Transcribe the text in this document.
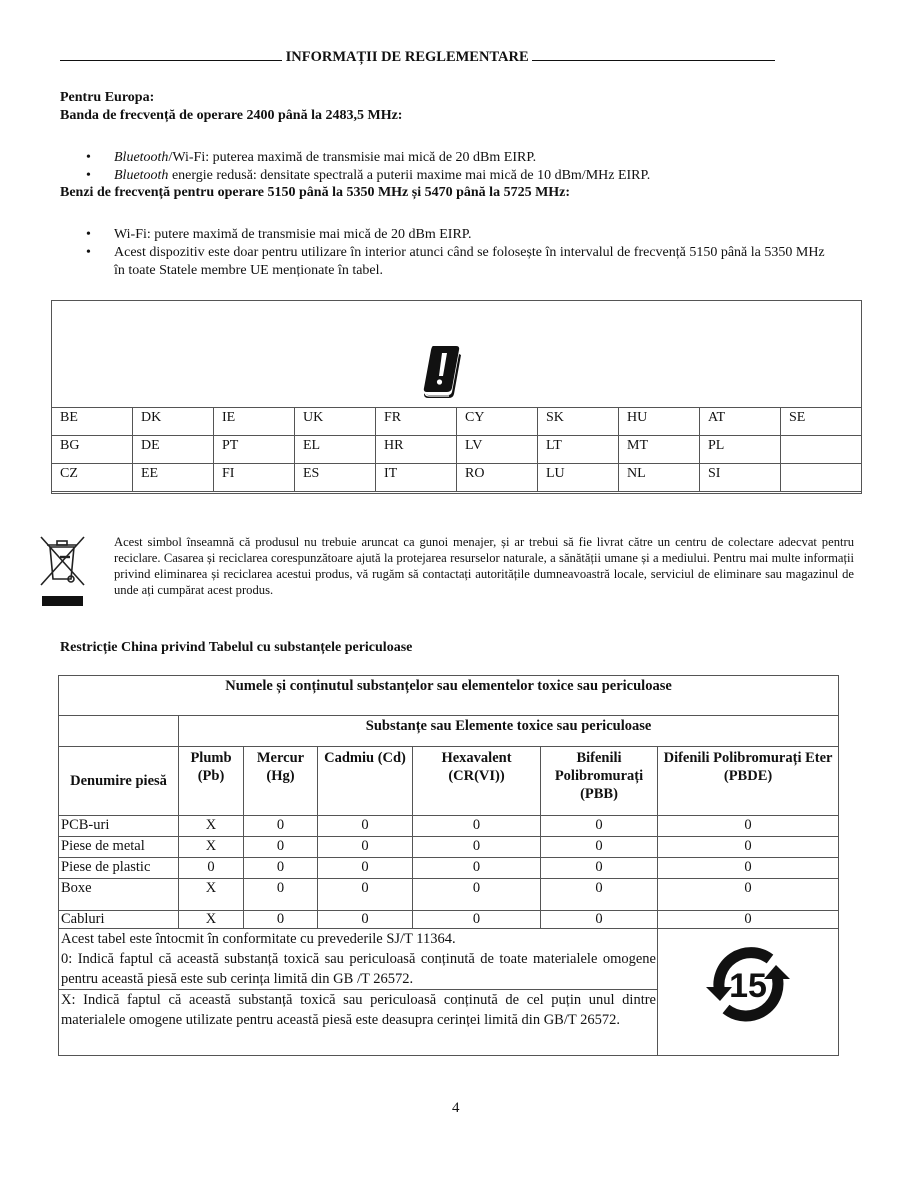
INFORMAȚII DE REGLEMENTARE
Pentru Europa:
Banda de frecvență de operare 2400 până la 2483,5 MHz:
• Bluetooth/Wi-Fi: puterea maximă de transmisie mai mică de 20 dBm EIRP.
• Bluetooth energie redusă: densitate spectrală a puterii maxime mai mică de 10 dBm/MHz EIRP.
Benzi de frecvență pentru operare 5150 până la 5350 MHz și 5470 până la 5725 MHz:
• Wi-Fi: putere maximă de transmisie mai mică de 20 dBm EIRP.
• Acest dispozitiv este doar pentru utilizare în interior atunci când se folosește în intervalul de frecvență 5150 până la 5350 MHz în toate Statele membre UE menționate în tabel.
BE	DK	IE	UK	FR	CY	SK	HU	AT	SE
BG	DE	PT	EL	HR	LV	LT	MT	PL	
CZ	EE	FI	ES	IT	RO	LU	NL	SI	
Acest simbol înseamnă că produsul nu trebuie aruncat ca gunoi menajer, și ar trebui să fie livrat către un centru de colectare adecvat pentru reciclare. Casarea și reciclarea corespunzătoare ajută la protejarea resurselor naturale, a sănătății umane și a mediului. Pentru mai multe informații privind eliminarea și reciclarea acestui produs, vă rugăm să contactați autoritățile dumneavoastră locale, serviciul de eliminare sau magazinul de unde ați cumpărat acest produs.
Restricție China privind Tabelul cu substanțele periculoase
Numele și conținutul substanțelor sau elementelor toxice sau periculoase						
	Substanțe sau Elemente toxice sau periculoase					
Denumire piesă	Plumb (Pb)	Mercur (Hg)	Cadmiu (Cd)	Hexavalent (CR(VI))	Bifenili Polibromurați (PBB)	Difenili Polibromurați Eter (PBDE)
PCB-uri	X	0	0	0	0	0
Piese de metal	X	0	0	0	0	0
Piese de plastic	0	0	0	0	0	0
Boxe	X	0	0	0	0	0
Cabluri	X	0	0	0	0	0

Acest tabel este întocmit în conformitate cu prevederile SJ/T 11364.
0: Indică faptul că această substanță toxică sau periculoasă conținută de toate materialele omogene pentru această piesă este sub cerința limită din GB /T 26572.						15

X: Indică faptul că această substanță toxică sau periculoasă conținută de cel puțin unul dintre materialele omogene utilizate pentru această piesă este deasupra cerinței limită din GB/T 26572.						
4
